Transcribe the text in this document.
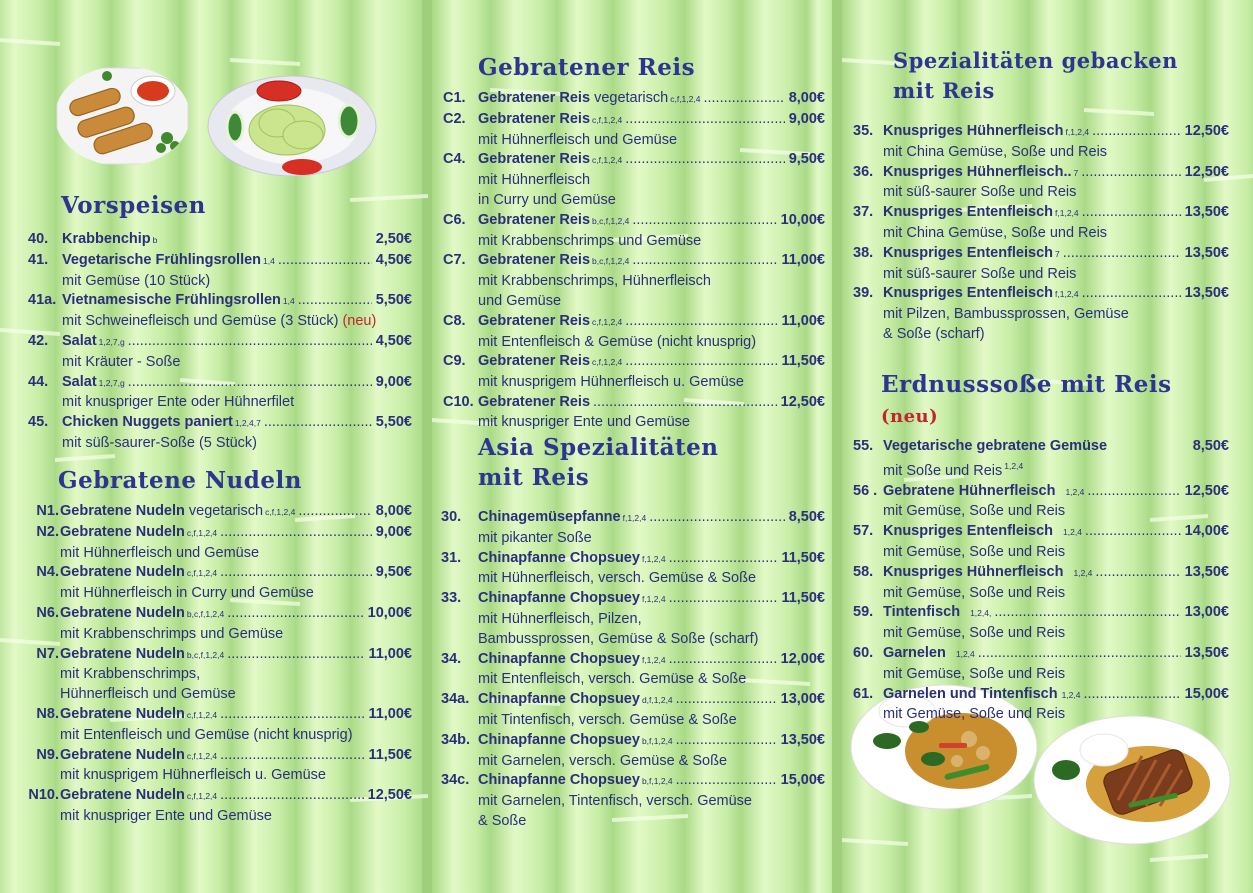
Vorspeisen
40. Krabbenchip b	2,50€
41. Vegetarische Frühlingsrollen 1,4 .....	4,50€
mit Gemüse (10 Stück)
41a. Vietnamesische Frühlingsrollen 1,4 .....	5,50€
mit Schweinefleisch und Gemüse (3 Stück) (neu)
42. Salat 1,2,7,g .....	4,50€
mit Kräuter - Soße
44. Salat 1,2,7,g .....	9,00€
mit knuspriger Ente oder Hühnerfilet
45. Chicken Nuggets paniert 1,2,4,7 .....	5,50€
mit süß-saurer-Soße (5 Stück)
Gebratene Nudeln
N1. Gebratene Nudeln vegetarisch c,f,1,2,4 .....	8,00€
N2. Gebratene Nudeln c,f,1,2,4 .....	9,00€
mit Hühnerfleisch und Gemüse
N4. Gebratene Nudeln c,f,1,2,4 .....	9,50€
mit Hühnerfleisch in Curry und Gemüse
N6. Gebratene Nudeln b,c,f,1,2,4 .....	10,00€
mit Krabbenschrimps und Gemüse
N7. Gebratene Nudeln b,c,f,1,2,4 .....	11,00€
mit Krabbenschrimps,
Hühnerfleisch und Gemüse
N8. Gebratene Nudeln c,f,1,2,4 .....	11,00€
mit Entenfleisch und Gemüse (nicht knusprig)
N9. Gebratene Nudeln c,f,1,2,4 .....	11,50€
mit knusprigem Hühnerfleisch u. Gemüse
N10. Gebratene Nudeln c,f,1,2,4 .....	12,50€
mit knuspriger Ente und Gemüse
Gebratener Reis
C1. Gebratener Reis vegetarisch c,f,1,2,4 .....	8,00€
C2. Gebratener Reis c,f,1,2,4 .....	9,00€
mit Hühnerfleisch und Gemüse
C4. Gebratener Reis c,f,1,2,4 .....	9,50€
mit Hühnerfleisch
in Curry und Gemüse
C6. Gebratener Reis b,c,f,1,2,4 .....	10,00€
mit Krabbenschrimps und Gemüse
C7. Gebratener Reis b,c,f,1,2,4 .....	11,00€
mit Krabbenschrimps, Hühnerfleisch
und Gemüse
C8. Gebratener Reis c,f,1,2,4 .....	11,00€
mit Entenfleisch & Gemüse (nicht knusprig)
C9. Gebratener Reis c,f,1,2,4 .....	11,50€
mit knusprigem Hühnerfleisch u. Gemüse
C10. Gebratener Reis .....	12,50€
mit knuspriger Ente und Gemüse
Asia Spezialitäten
mit Reis
30.	Chinagemüsepfanne f,1,2,4 .....	8,50€
mit pikanter Soße
31.	Chinapfanne Chopsuey f,1,2,4 .....	11,50€
mit Hühnerfleisch, versch. Gemüse & Soße
33.	Chinapfanne Chopsuey f,1,2,4 .....	11,50€
mit Hühnerfleisch, Pilzen,
Bambussprossen, Gemüse & Soße (scharf)
34.	Chinapfanne Chopsuey f,1,2,4 .....	12,00€
mit Entenfleisch, versch. Gemüse & Soße
34a. Chinapfanne Chopsuey d,f,1,2,4 .....	13,00€
mit Tintenfisch, versch. Gemüse & Soße
34b. Chinapfanne Chopsuey b,f,1,2,4 .....	13,50€
mit Garnelen, versch. Gemüse & Soße
34c. Chinapfanne Chopsuey b,f,1,2,4 .....	15,00€
mit Garnelen, Tintenfisch, versch. Gemüse
& Soße
Spezialitäten gebacken
mit Reis
35. Knuspriges Hühnerfleisch f,1,2,4 .....	12,50€
mit China Gemüse, Soße und Reis
36. Knuspriges Hühnerfleisch.. 7 .....	12,50€
mit süß-saurer Soße und Reis
37. Knuspriges Entenfleisch f,1,2,4 .....	13,50€
mit China Gemüse, Soße und Reis
38. Knuspriges Entenfleisch 7 .....	13,50€
mit süß-saurer Soße und Reis
39. Knuspriges Entenfleisch f,1,2,4 .....	13,50€
mit Pilzen, Bambussprossen, Gemüse
& Soße (scharf)
Erdnusssoße mit Reis (neu)
55. Vegetarische gebratene Gemüse	8,50€
mit Soße und Reis $^{1,2,4}$
56 . Gebratene Hühnerfleisch 1,2,4 .....	12,50€
mit Gemüse, Soße und Reis
57. Knuspriges Entenfleisch 1,2,4 .....	14,00€
mit Gemüse, Soße und Reis
58. Knuspriges Hühnerfleisch 1,2,4 .....	13,50€
mit Gemüse, Soße und Reis
59. Tintenfisch 1,2,4, .....	13,00€
mit Gemüse, Soße und Reis
60. Garnelen 1,2,4 .....	13,50€
mit Gemüse, Soße und Reis
61. Garnelen und Tintenfisch 1,2,4 .....	15,00€
mit Gemüse, Soße und Reis
